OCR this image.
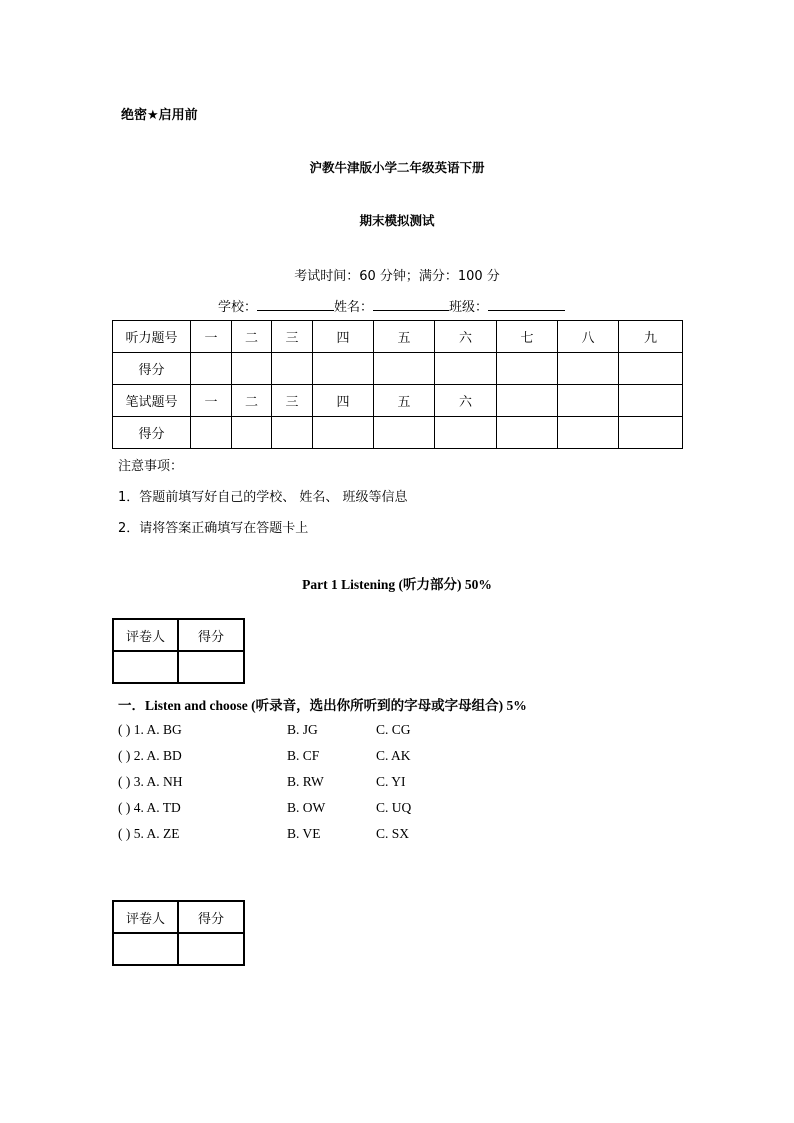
绝密★启用前
沪教牛津版小学二年级英语下册
期末模拟测试
考试时间：60 分钟；满分：100 分
学校：	姓名：	班级：
听力题号	一	二	三	四	五	六	七	八	九
得分									
笔试题号	一	二	三	四	五	六			
得分									
注意事项：
1．答题前填写好自己的学校、 姓名、 班级等信息
2．请将答案正确填写在答题卡上
Part 1 Listening (听力部分) 50%
评卷人	得分

一．Listen and choose (听录音，选出你所听到的字母或字母组合) 5%
( ) 1. A. BG	B. JG	C. CG
( ) 2. A. BD	B. CF	C. AK
( ) 3. A. NH	B. RW	C. YI
( ) 4. A. TD	B. OW	C. UQ
( ) 5. A. ZE	B. VE	C. SX
评卷人	得分
